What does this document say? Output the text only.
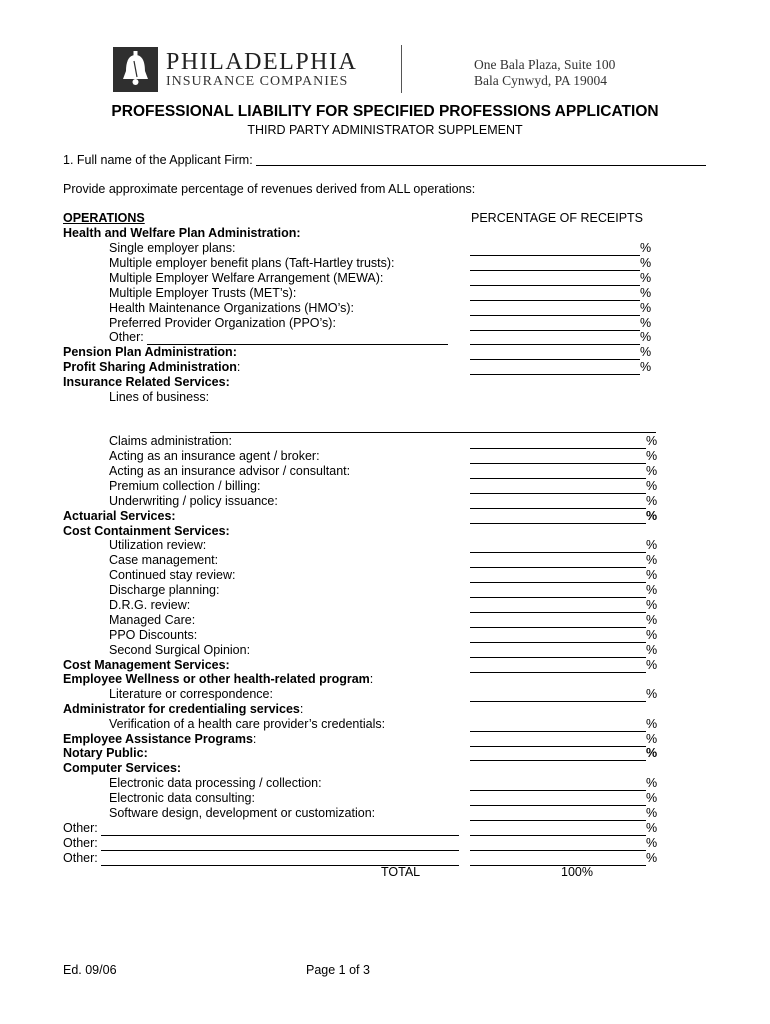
PHILADELPHIA
INSURANCE COMPANIES
One Bala Plaza, Suite 100
Bala Cynwyd, PA 19004
PROFESSIONAL LIABILITY FOR SPECIFIED PROFESSIONS APPLICATION
THIRD PARTY ADMINISTRATOR SUPPLEMENT
1. Full name of the Applicant Firm:
Provide approximate percentage of revenues derived from ALL operations:
OPERATIONS	PERCENTAGE OF RECEIPTS
Health and Welfare Plan Administration:
Single employer plans:	%
Multiple employer benefit plans (Taft-Hartley trusts):	%
Multiple Employer Welfare Arrangement (MEWA):	%
Multiple Employer Trusts (MET’s):	%
Health Maintenance Organizations (HMO’s):	%
Preferred Provider Organization (PPO’s):	%
Other:	%
Pension Plan Administration:	%
Profit Sharing Administration:	%
Insurance Related Services:
Lines of business:
Claims administration:	%
Acting as an insurance agent / broker:	%
Acting as an insurance advisor / consultant:	%
Premium collection / billing:	%
Underwriting / policy issuance:	%
Actuarial Services:	%
Cost Containment Services:
Utilization review:	%
Case management:	%
Continued stay review:	%
Discharge planning:	%
D.R.G. review:	%
Managed Care:	%
PPO Discounts:	%
Second Surgical Opinion:	%
Cost Management Services:	%
Employee Wellness or other health-related program:
Literature or correspondence:	%
Administrator for credentialing services:
Verification of a health care provider’s credentials:	%
Employee Assistance Programs:	%
Notary Public:	%
Computer Services:
Electronic data processing / collection:	%
Electronic data consulting:	%
Software design, development or customization:	%
Other:	%
Other:	%
Other:	%
TOTAL	100%
Ed. 09/06	Page 1 of 3
